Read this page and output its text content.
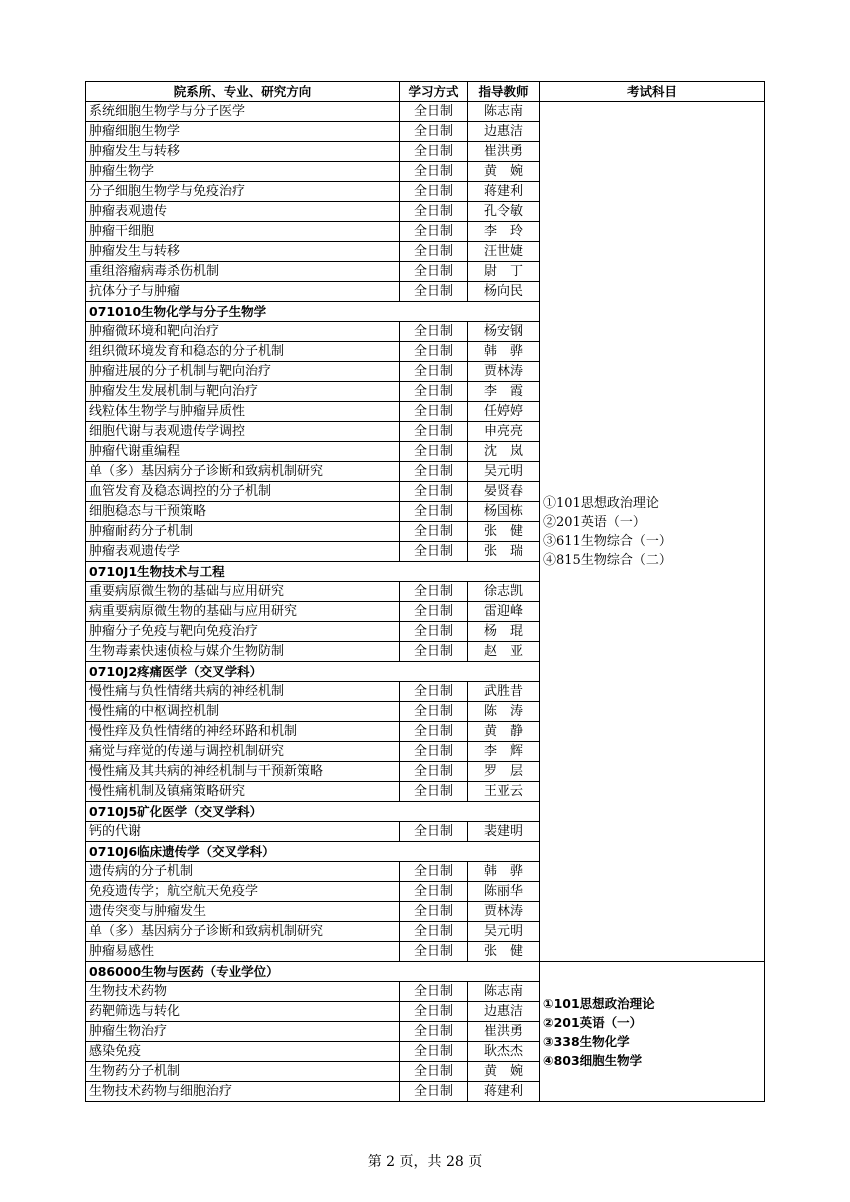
院系所、专业、研究方向	学习方式	指导教师	考试科目
系统细胞生物学与分子医学	全日制	陈志南	①101思想政治理论
②201英语（一）
③611生物综合（一）
④815生物综合（二）

肿瘤细胞生物学	全日制	边惠洁	
肿瘤发生与转移	全日制	崔洪勇	
肿瘤生物学	全日制	黄　婉	
分子细胞生物学与免疫治疗	全日制	蒋建利	
肿瘤表观遗传	全日制	孔令敏	
肿瘤干细胞	全日制	李　玲	
肿瘤发生与转移	全日制	汪世婕	
重组溶瘤病毒杀伤机制	全日制	尉　丁	
抗体分子与肿瘤	全日制	杨向民	
071010生物化学与分子生物学			
肿瘤微环境和靶向治疗	全日制	杨安钢	
组织微环境发育和稳态的分子机制	全日制	韩　骅	
肿瘤进展的分子机制与靶向治疗	全日制	贾林涛	
肿瘤发生发展机制与靶向治疗	全日制	李　霞	
线粒体生物学与肿瘤异质性	全日制	任婷婷	
细胞代谢与表观遗传学调控	全日制	申亮亮	
肿瘤代谢重编程	全日制	沈　岚	
单（多）基因病分子诊断和致病机制研究	全日制	吴元明	
血管发育及稳态调控的分子机制	全日制	晏贤春	
细胞稳态与干预策略	全日制	杨国栋	
肿瘤耐药分子机制	全日制	张　健	
肿瘤表观遗传学	全日制	张　瑞	
0710J1生物技术与工程			
重要病原微生物的基础与应用研究	全日制	徐志凯	
病重要病原微生物的基础与应用研究	全日制	雷迎峰	
肿瘤分子免疫与靶向免疫治疗	全日制	杨　琨	
生物毒素快速侦检与媒介生物防制	全日制	赵　亚	
0710J2疼痛医学（交叉学科）			
慢性痛与负性情绪共病的神经机制	全日制	武胜昔	
慢性痛的中枢调控机制	全日制	陈　涛	
慢性痒及负性情绪的神经环路和机制	全日制	黄　静	
痛觉与痒觉的传递与调控机制研究	全日制	李　辉	
慢性痛及其共病的神经机制与干预新策略	全日制	罗　层	
慢性痛机制及镇痛策略研究	全日制	王亚云	
0710J5矿化医学（交叉学科）			
钙的代谢	全日制	裴建明	
0710J6临床遗传学（交叉学科）			
遗传病的分子机制	全日制	韩　骅	
免疫遗传学；航空航天免疫学	全日制	陈丽华	
遗传突变与肿瘤发生	全日制	贾林涛	
单（多）基因病分子诊断和致病机制研究	全日制	吴元明	
肿瘤易感性	全日制	张　健	
086000生物与医药（专业学位）			①101思想政治理论
②201英语（一）
③338生物化学
④803细胞生物学

生物技术药物	全日制	陈志南	
药靶筛选与转化	全日制	边惠洁	
肿瘤生物治疗	全日制	崔洪勇	
感染免疫	全日制	耿杰杰	
生物药分子机制	全日制	黄　婉	
生物技术药物与细胞治疗	全日制	蒋建利	
第 2 页，共 28 页
